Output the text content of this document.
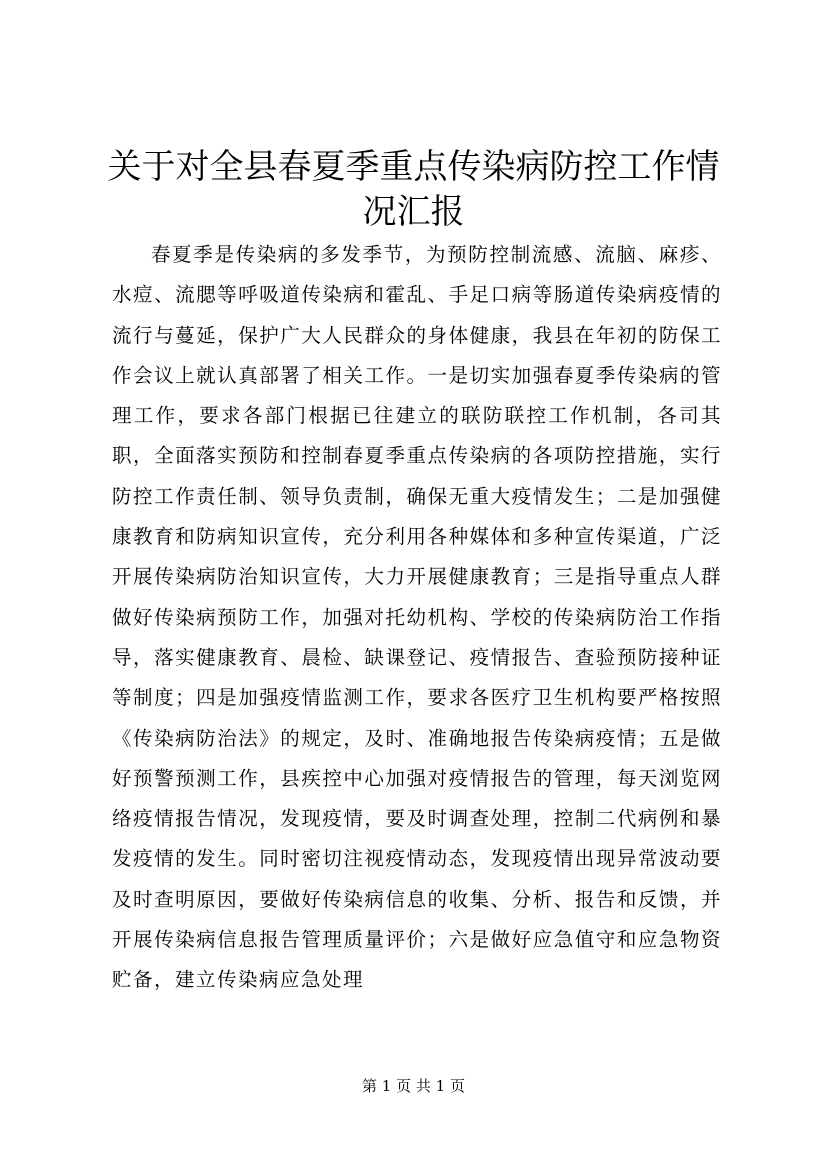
关于对全县春夏季重点传染病防控工作情况汇报

春夏季是传染病的多发季节，为预防控制流感、流脑、麻疹、水痘、流腮等呼吸道传染病和霍乱、手足口病等肠道传染病疫情的流行与蔓延，保护广大人民群众的身体健康，我县在年初的防保工作会议上就认真部署了相关工作。一是切实加强春夏季传染病的管理工作，要求各部门根据已往建立的联防联控工作机制，各司其职，全面落实预防和控制春夏季重点传染病的各项防控措施，实行防控工作责任制、领导负责制，确保无重大疫情发生；二是加强健康教育和防病知识宣传，充分利用各种媒体和多种宣传渠道，广泛开展传染病防治知识宣传，大力开展健康教育；三是指导重点人群做好传染病预防工作，加强对托幼机构、学校的传染病防治工作指导，落实健康教育、晨检、缺课登记、疫情报告、查验预防接种证等制度；四是加强疫情监测工作，要求各医疗卫生机构要严格按照《传染病防治法》的规定，及时、准确地报告传染病疫情；五是做好预警预测工作，县疾控中心加强对疫情报告的管理，每天浏览网络疫情报告情况，发现疫情，要及时调查处理，控制二代病例和暴发疫情的发生。同时密切注视疫情动态，发现疫情出现异常波动要及时查明原因，要做好传染病信息的收集、分析、报告和反馈，并开展传染病信息报告管理质量评价；六是做好应急值守和应急物资贮备，建立传染病应急处理

第 1 页 共 1 页
